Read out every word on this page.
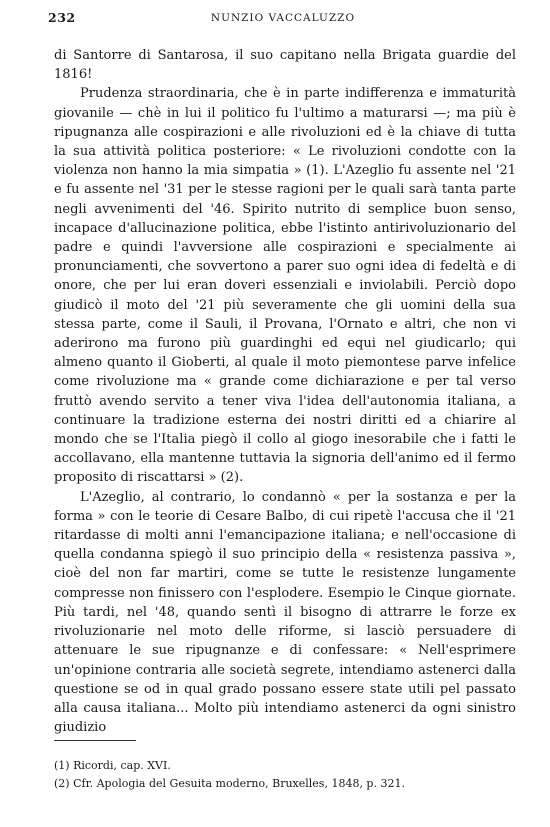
232	NUNZIO VACCALUZZO

di Santorre di Santarosa, il suo capitano nella Brigata guardie del 1816!

Prudenza straordinaria, che è in parte indifferenza e immaturità giovanile — chè in lui il politico fu l'ultimo a maturarsi —; ma più è ripugnanza alle cospirazioni e alle rivoluzioni ed è la chiave di tutta la sua attività politica posteriore: « Le rivoluzioni condotte con la violenza non hanno la mia simpatia » (1). L'Azeglio fu assente nel '21 e fu assente nel '31 per le stesse ragioni per le quali sarà tanta parte negli avvenimenti del '46. Spirito nutrito di semplice buon senso, incapace d'allucinazione politica, ebbe l'istinto antirivoluzionario del padre e quindi l'avversione alle cospirazioni e specialmente ai pronunciamenti, che sovvertono a parer suo ogni idea di fedeltà e di onore, che per lui eran doveri essenziali e inviolabili. Perciò dopo giudicò il moto del '21 più severamente che gli uomini della sua stessa parte, come il Sauli, il Provana, l'Ornato e altri, che non vi aderirono ma furono più guardinghi ed equi nel giudicarlo; qui almeno quanto il Gioberti, al quale il moto piemontese parve infelice come rivoluzione ma « grande come dichiarazione e per tal verso fruttò avendo servito a tener viva l'idea dell'autonomia italiana, a continuare la tradizione esterna dei nostri diritti ed a chiarire al mondo che se l'Italia piegò il collo al giogo inesorabile che i fatti le accollavano, ella mantenne tuttavia la signoria dell'animo ed il fermo proposito di riscattarsi » (2).

L'Azeglio, al contrario, lo condannò « per la sostanza e per la forma » con le teorie di Cesare Balbo, di cui ripetè l'accusa che il '21 ritardasse di molti anni l'emancipazione italiana; e nell'occasione di quella condanna spiegò il suo principio della « resistenza passiva », cioè del non far martiri, come se tutte le resistenze lungamente compresse non finissero con l'esplodere. Esempio le Cinque giornate. Più tardi, nel '48, quando sentì il bisogno di attrarre le forze ex rivoluzionarie nel moto delle riforme, si lasciò persuadere di attenuare le sue ripugnanze e di confessare: « Nell'esprimere un'opinione contraria alle società segrete, intendiamo astenerci dalla questione se od in qual grado possano essere state utili pel passato alla causa italiana... Molto più intendiamo astenerci da ogni sinistro giudizio

(1) Ricordi, cap. XVI.
(2) Cfr. Apologia del Gesuita moderno, Bruxelles, 1848, p. 321.
